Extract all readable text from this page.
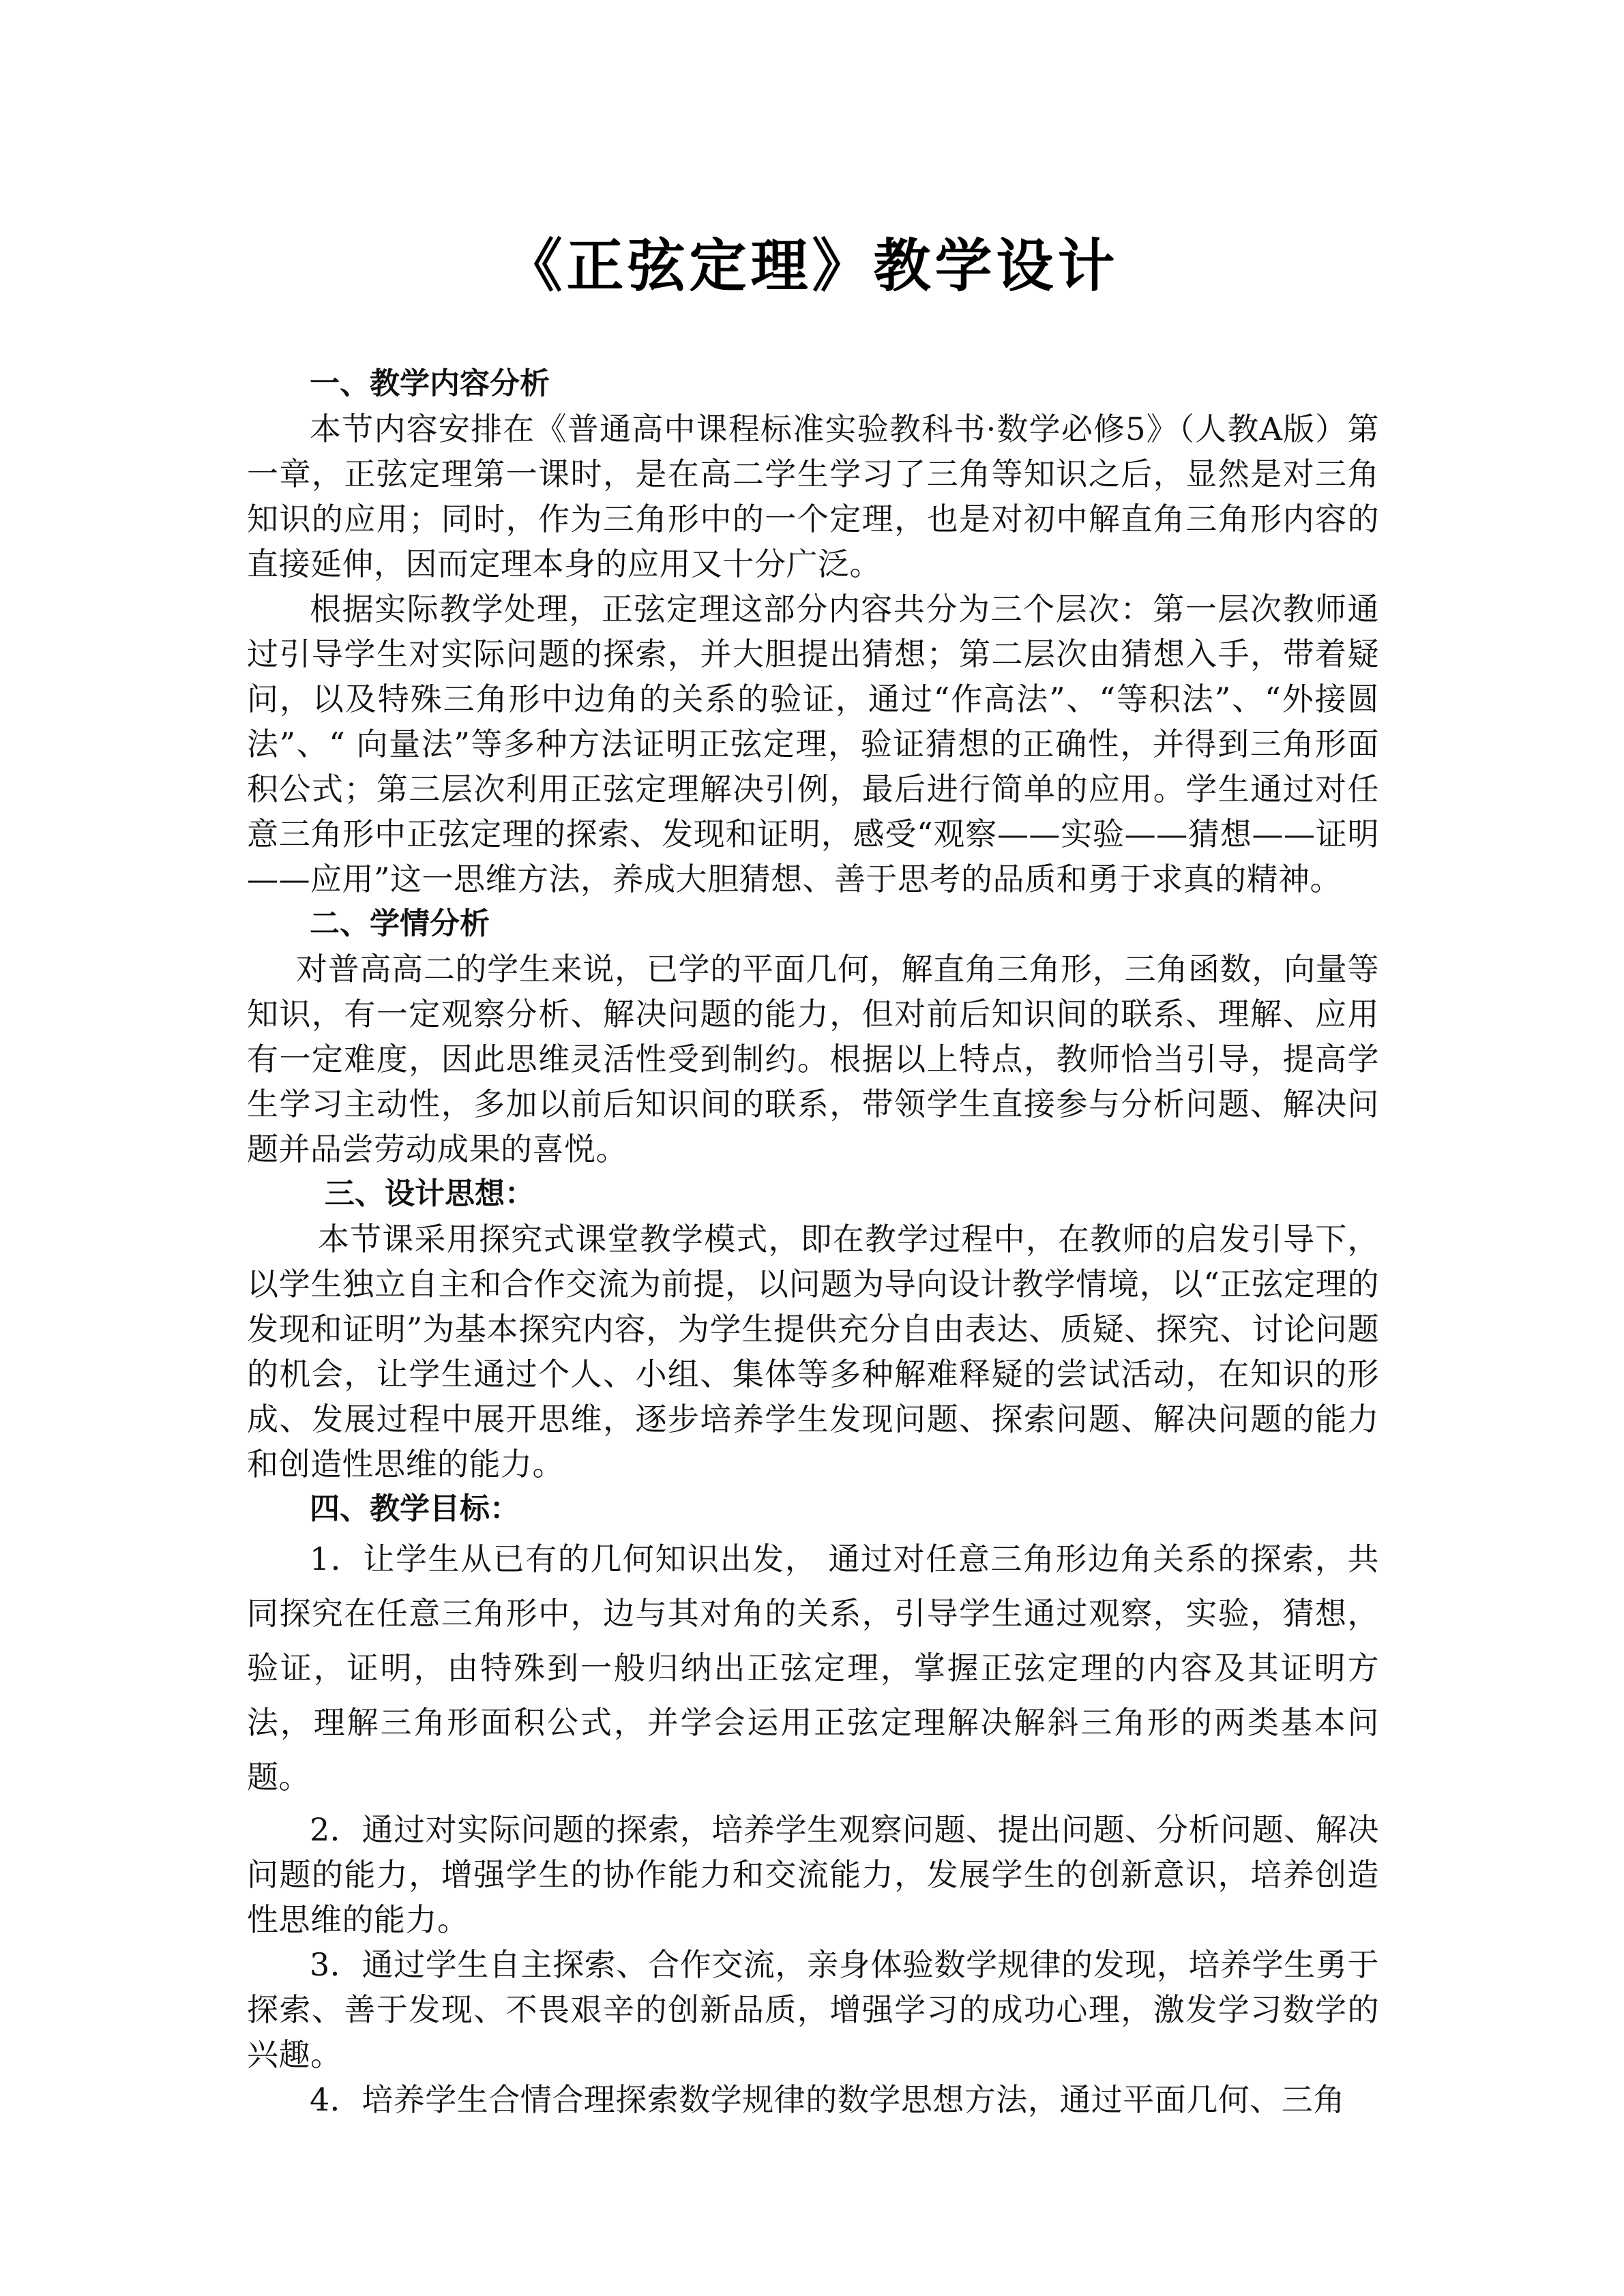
《正弦定理》教学设计

一、教学内容分析

本节内容安排在《普通高中课程标准实验教科书·数学必修5》（人教A版）第一章，正弦定理第一课时，是在高二学生学习了三角等知识之后，显然是对三角知识的应用；同时，作为三角形中的一个定理，也是对初中解直角三角形内容的直接延伸，因而定理本身的应用又十分广泛。

根据实际教学处理，正弦定理这部分内容共分为三个层次：第一层次教师通过引导学生对实际问题的探索，并大胆提出猜想；第二层次由猜想入手，带着疑问，以及特殊三角形中边角的关系的验证，通过“作高法”、“等积法”、“外接圆法”、“ 向量法”等多种方法证明正弦定理，验证猜想的正确性，并得到三角形面积公式；第三层次利用正弦定理解决引例，最后进行简单的应用。学生通过对任意三角形中正弦定理的探索、发现和证明，感受“观察——实验——猜想——证明——应用”这一思维方法，养成大胆猜想、善于思考的品质和勇于求真的精神。

二、学情分析

对普高高二的学生来说，已学的平面几何，解直角三角形，三角函数，向量等知识，有一定观察分析、解决问题的能力，但对前后知识间的联系、理解、应用有一定难度，因此思维灵活性受到制约。根据以上特点，教师恰当引导，提高学生学习主动性，多加以前后知识间的联系，带领学生直接参与分析问题、解决问题并品尝劳动成果的喜悦。

三、设计思想：

本节课采用探究式课堂教学模式，即在教学过程中，在教师的启发引导下，以学生独立自主和合作交流为前提，以问题为导向设计教学情境，以“正弦定理的发现和证明”为基本探究内容，为学生提供充分自由表达、质疑、探究、讨论问题的机会，让学生通过个人、小组、集体等多种解难释疑的尝试活动，在知识的形成、发展过程中展开思维，逐步培养学生发现问题、探索问题、解决问题的能力和创造性思维的能力。

四、教学目标：

1．让学生从已有的几何知识出发， 通过对任意三角形边角关系的探索，共同探究在任意三角形中，边与其对角的关系，引导学生通过观察，实验，猜想，验证，证明，由特殊到一般归纳出正弦定理，掌握正弦定理的内容及其证明方法，理解三角形面积公式，并学会运用正弦定理解决解斜三角形的两类基本问题。

2．通过对实际问题的探索，培养学生观察问题、提出问题、分析问题、解决问题的能力，增强学生的协作能力和交流能力，发展学生的创新意识，培养创造性思维的能力。

3．通过学生自主探索、合作交流，亲身体验数学规律的发现，培养学生勇于探索、善于发现、不畏艰辛的创新品质，增强学习的成功心理，激发学习数学的兴趣。

4．培养学生合情合理探索数学规律的数学思想方法，通过平面几何、三角
